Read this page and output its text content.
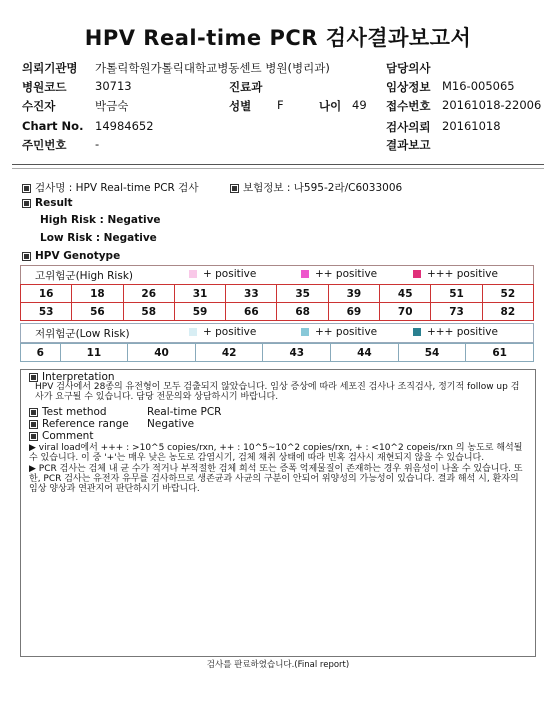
HPV Real-time PCR 검사결과보고서
의뢰기관명 가톨릭학원가톨릭대학교병동센트 병원(병리과)	담당의사
병원코드 30713	진료과	임상정보 M16-005065
수진자	박금숙	성별 F	나이 49 접수번호 20161018-22006
Chart No. 14984652	검사의뢰 20161018
주민번호 -	결과보고
검사명 : HPV Real-time PCR 검사	보험정보 : 나595-2라/C6033006
Result
High Risk : Negative
Low Risk : Negative
HPV Genotype
고위험군(High Risk)	+ positive	++ positive	+++ positive
16	18	26	31	33	35	39	45	51	52
53	56	58	59	66	68	69	70	73	82
저위험군(Low Risk)	+ positive	++ positive	+++ positive
6	11	40	42	43	44	54	61
Interpretation
HPV 검사에서 28종의 유전형이 모두 검출되지 않았습니다. 임상 증상에 따라 세포진 검사나 조직검사, 정기적 follow up 검사가 요구될 수 있습니다. 담당 전문의와 상담하시기 바랍니다.
Test method	Real-time PCR
Reference range Negative
Comment
▶ viral load에서 +++ : >10^5 copies/rxn, ++ : 10^5~10^2 copies/rxn, + : <10^2 copeis/rxn 의 농도로 해석될 수 있습니다. 이 중 '+'는 매우 낮은 농도로 감염시기, 검체 채취 상태에 따라 빈혹 검사시 재현되지 않을 수 있습니다.
▶ PCR 검사는 검체 내 균 수가 적거나 부적절한 검체 희석 또는 증폭 억제물질이 존재하는 경우 위음성이 나올 수 있습니다. 또한, PCR 검사는 유전자 유무를 검사하므로 생존균과 사균의 구분이 안되어 위양성의 가능성이 있습니다. 결과 해석 시, 환자의 임상 양상과 연관지어 판단하시기 바랍니다.
검사를 판료하였습니다.(Final report)
